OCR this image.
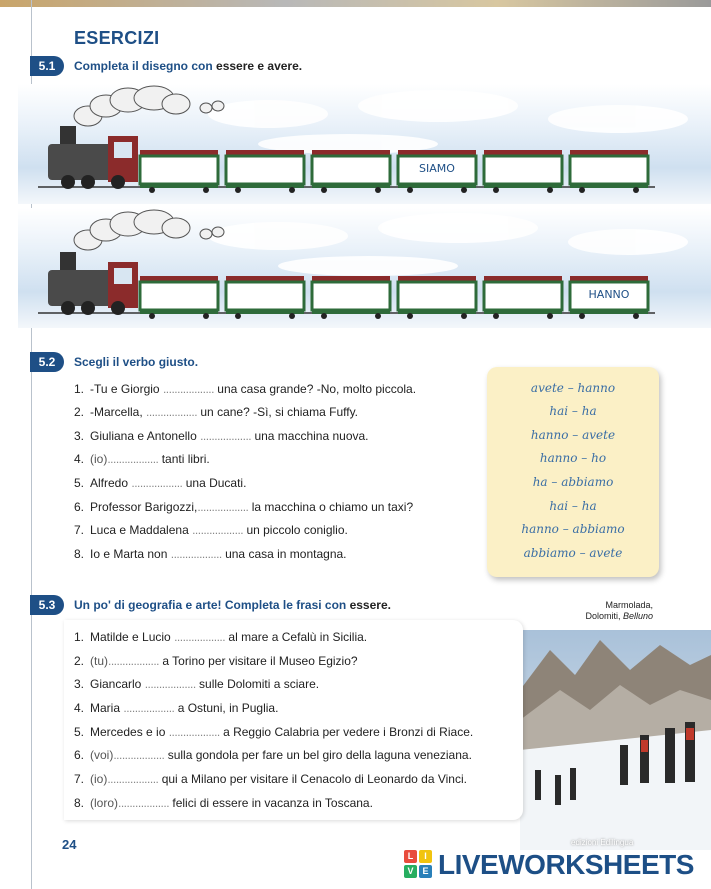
ESERCIZI
5.1	Completa il disegno con essere e avere.
SIAMO
HANNO
5.2	Scegli il verbo giusto.
1. -Tu e Giorgio .................. una casa grande? -No, molto piccola.
2. -Marcella, .................. un cane? -Sì, si chiama Fuffy.
3. Giuliana e Antonello .................. una macchina nuova.
4. (io).................. tanti libri.
5. Alfredo .................. una Ducati.
6. Professor Barigozzi,.................. la macchina o chiamo un taxi?
7. Luca e Maddalena .................. un piccolo coniglio.
8. Io e Marta non .................. una casa in montagna.
avete – hanno
hai – ha
hanno – avete
hanno – ho
ha – abbiamo
hai – ha
hanno – abbiamo
abbiamo – avete
5.3	Un po' di geografia e arte! Completa le frasi con essere.	Marmolada,
Dolomiti, Belluno
1. Matilde e Lucio .................. al mare a Cefalù in Sicilia.
2. (tu).................. a Torino per visitare il Museo Egizio?
3. Giancarlo .................. sulle Dolomiti a sciare.
4. Maria .................. a Ostuni, in Puglia.
5. Mercedes e io .................. a Reggio Calabria per vedere i Bronzi di Riace.
6. (voi).................. sulla gondola per fare un bel giro della laguna veneziana.
7. (io).................. qui a Milano per visitare il Cenacolo di Leonardo da Vinci.
8. (loro).................. felici di essere in vacanza in Toscana.
24	edizioni Edilingua
L	I
V E LIVEWORKSHEETS
